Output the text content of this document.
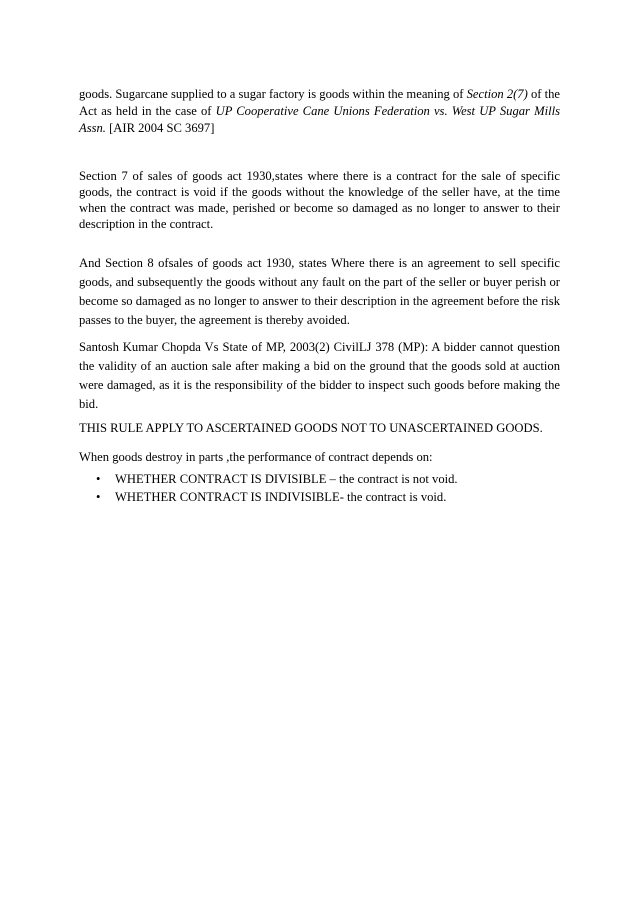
goods. Sugarcane supplied to a sugar factory is goods within the meaning of Section 2(7) of the Act as held in the case of UP Cooperative Cane Unions Federation vs. West UP Sugar Mills Assn. [AIR 2004 SC 3697]

Section 7 of sales of goods act 1930,states where there is a contract for the sale of specific goods, the contract is void if the goods without the knowledge of the seller have, at the time when the contract was made, perished or become so damaged as no longer to answer to their description in the contract.

And Section 8 ofsales of goods act 1930, states Where there is an agreement to sell specific goods, and subsequently the goods without any fault on the part of the seller or buyer perish or become so damaged as no longer to answer to their description in the agreement before the risk passes to the buyer, the agreement is thereby avoided.

Santosh Kumar Chopda Vs State of MP, 2003(2) CivilLJ 378 (MP): A bidder cannot question the validity of an auction sale after making a bid on the ground that the goods sold at auction were damaged, as it is the responsibility of the bidder to inspect such goods before making the bid.

THIS RULE APPLY TO ASCERTAINED GOODS NOT TO UNASCERTAINED GOODS.

When goods destroy in parts ,the performance of contract depends on:

• WHETHER CONTRACT IS DIVISIBLE – the contract is not void.
• WHETHER CONTRACT IS INDIVISIBLE- the contract is void.
